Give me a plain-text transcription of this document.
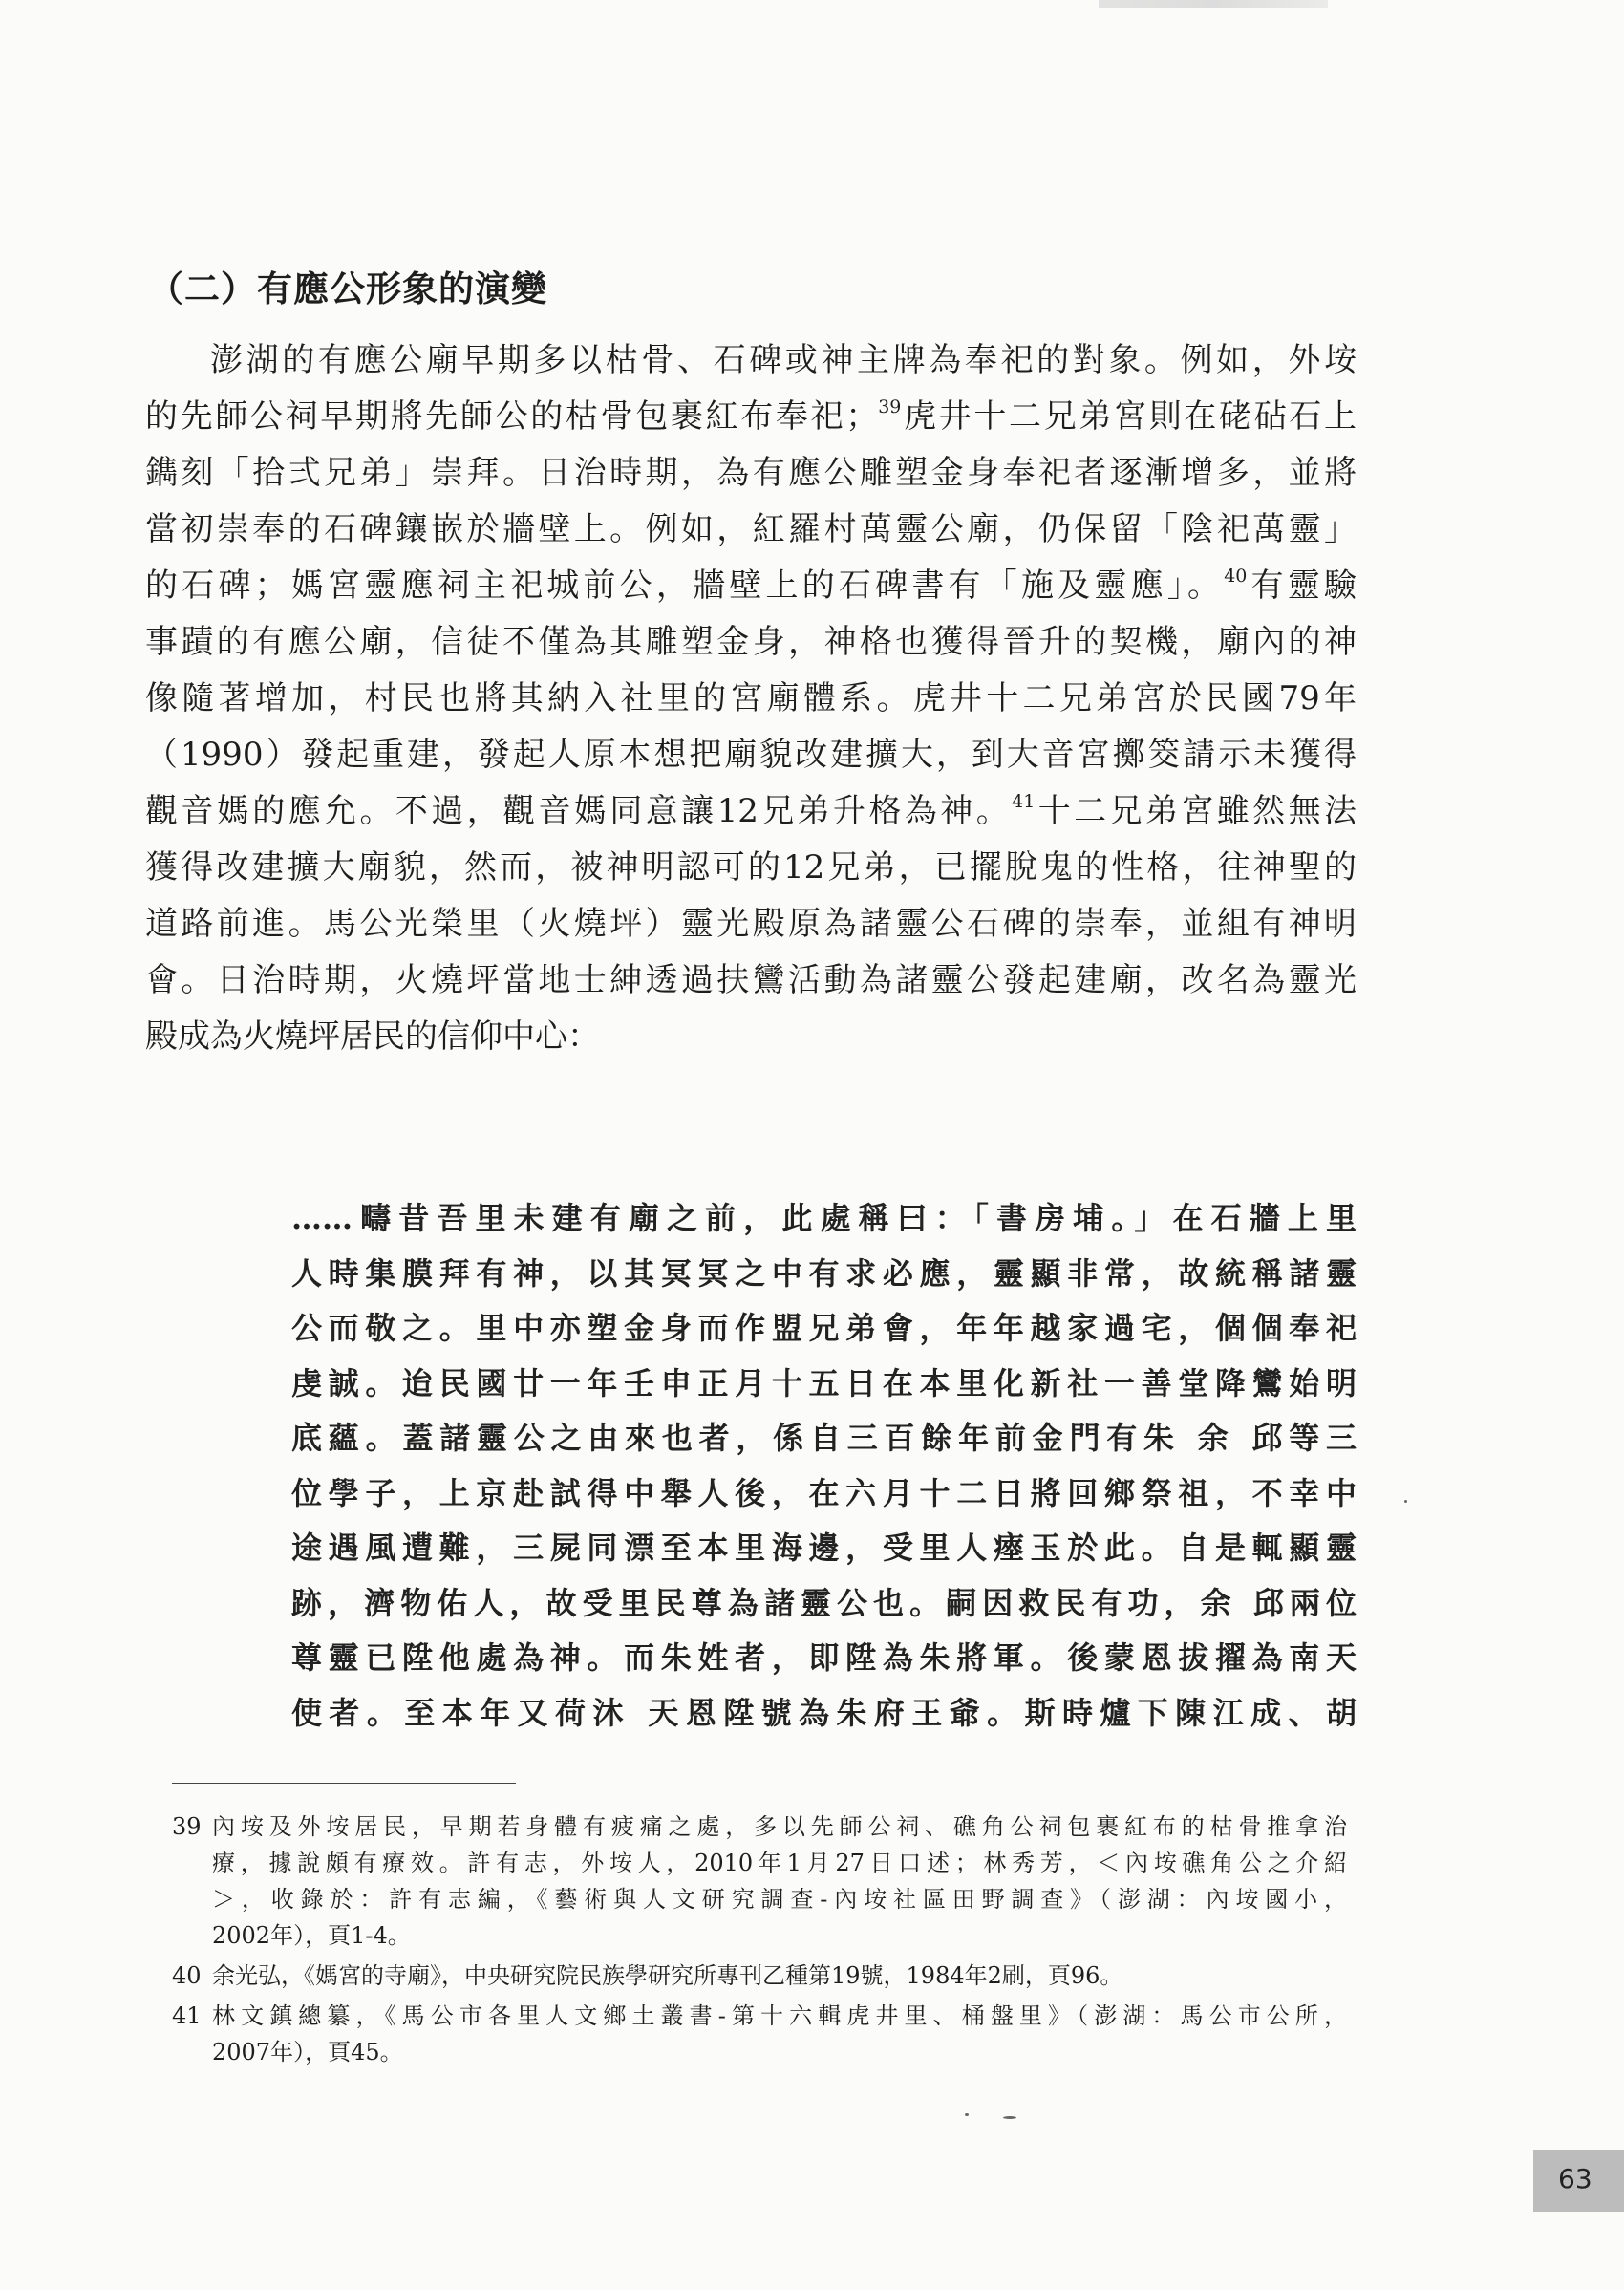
（二）有應公形象的演變
澎湖的有應公廟早期多以枯骨、石碑或神主牌為奉祀的對象。例如，外垵
的先師公祠早期將先師公的枯骨包裹紅布奉祀；$^{39}$虎井十二兄弟宮則在硓砧石上
鐫刻「拾弍兄弟」崇拜。日治時期，為有應公雕塑金身奉祀者逐漸增多，並將
當初崇奉的石碑鑲嵌於牆壁上。例如，紅羅村萬靈公廟，仍保留「陰祀萬靈」
的石碑；媽宮靈應祠主祀城前公，牆壁上的石碑書有「施及靈應」。$^{40}$有靈驗
事蹟的有應公廟，信徒不僅為其雕塑金身，神格也獲得晉升的契機，廟內的神
像隨著增加，村民也將其納入社里的宮廟體系。虎井十二兄弟宮於民國79年
（1990）發起重建，發起人原本想把廟貌改建擴大，到大音宮擲筊請示未獲得
觀音媽的應允。不過，觀音媽同意讓12兄弟升格為神。$^{41}$十二兄弟宮雖然無法
獲得改建擴大廟貌，然而，被神明認可的12兄弟，已擺脫鬼的性格，往神聖的
道路前進。馬公光榮里（火燒坪）靈光殿原為諸靈公石碑的崇奉，並組有神明
會。日治時期，火燒坪當地士紳透過扶鸞活動為諸靈公發起建廟，改名為靈光
殿成為火燒坪居民的信仰中心：
……疇昔吾里未建有廟之前，此處稱曰：「書房埔。」在石牆上里
人時集膜拜有神，以其冥冥之中有求必應，靈顯非常，故統稱諸靈
公而敬之。里中亦塑金身而作盟兄弟會，年年越家過宅，個個奉祀
虔誠。迨民國廿一年壬申正月十五日在本里化新社一善堂降鸞始明
底蘊。蓋諸靈公之由來也者，係自三百餘年前金門有朱 余 邱等三
位學子，上京赴試得中舉人後，在六月十二日將回鄉祭祖，不幸中
途遇風遭難，三屍同漂至本里海邊，受里人瘞玉於此。自是輒顯靈
跡，濟物佑人，故受里民尊為諸靈公也。嗣因救民有功，余 邱兩位
尊靈已陞他處為神。而朱姓者，即陞為朱將軍。後蒙恩拔擢為南天
使者。至本年又荷沐 天恩陞號為朱府王爺。斯時爐下陳江成、胡
39 內垵及外垵居民，早期若身體有疲痛之處，多以先師公祠、礁角公祠包裹紅布的枯骨推拿治
療，據說頗有療效。許有志，外垵人，2010年1月27日口述；林秀芳，＜內垵礁角公之介紹
＞，收錄於：許有志編，《藝術與人文研究調查-內垵社區田野調查》（澎湖：內垵國小，
2002年），頁1-4。
40 余光弘，《媽宮的寺廟》，中央研究院民族學研究所專刊乙種第19號，1984年2刷，頁96。
41 林文鎮總纂，《馬公市各里人文鄉土叢書-第十六輯虎井里、桶盤里》（澎湖：馬公市公所，
2007年），頁45。
63
